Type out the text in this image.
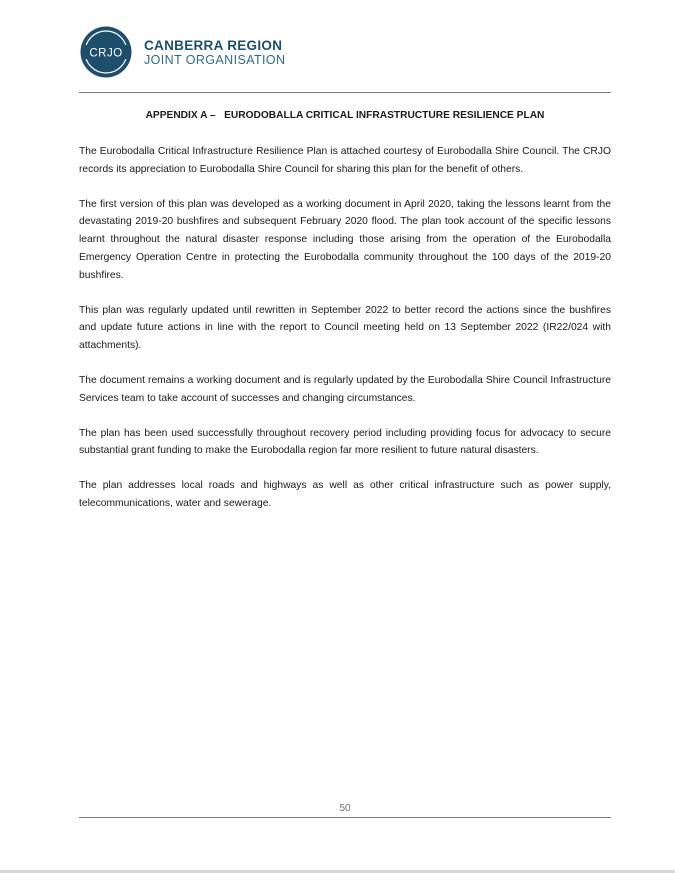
CRJO
CANBERRA REGION
JOINT ORGANISATION
APPENDIX A –   EURODOBALLA CRITICAL INFRASTRUCTURE RESILIENCE PLAN

The Eurobodalla Critical Infrastructure Resilience Plan is attached courtesy of Eurobodalla Shire Council. The CRJO records its appreciation to Eurobodalla Shire Council for sharing this plan for the benefit of others.

The first version of this plan was developed as a working document in April 2020, taking the lessons learnt from the devastating 2019-20 bushfires and subsequent February 2020 flood. The plan took account of the specific lessons learnt throughout the natural disaster response including those arising from the operation of the Eurobodalla Emergency Operation Centre in protecting the Eurobodalla community throughout the 100 days of the 2019-20 bushfires.

This plan was regularly updated until rewritten in September 2022 to better record the actions since the bushfires and update future actions in line with the report to Council meeting held on 13 September 2022 (IR22/024 with attachments).

The document remains a working document and is regularly updated by the Eurobodalla Shire Council Infrastructure Services team to take account of successes and changing circumstances.

The plan has been used successfully throughout recovery period including providing focus for advocacy to secure substantial grant funding to make the Eurobodalla region far more resilient to future natural disasters.

The plan addresses local roads and highways as well as other critical infrastructure such as power supply, telecommunications, water and sewerage.

50
